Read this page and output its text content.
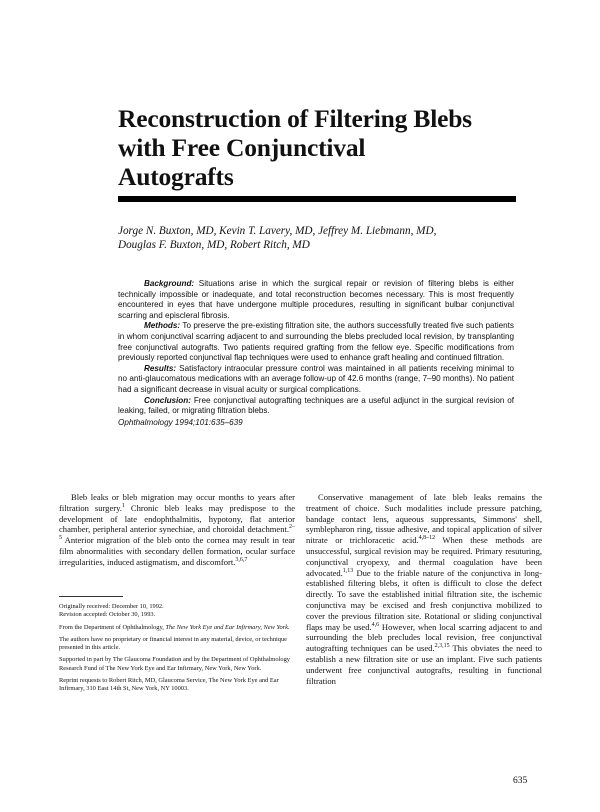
Reconstruction of Filtering Blebs
with Free Conjunctival
Autografts
Jorge N. Buxton, MD, Kevin T. Lavery, MD, Jeffrey M. Liebmann, MD,
Douglas F. Buxton, MD, Robert Ritch, MD

Background: Situations arise in which the surgical repair or revision of filtering blebs is either technically impossible or inadequate, and total reconstruction becomes necessary. This is most frequently encountered in eyes that have undergone multiple procedures, resulting in significant bulbar conjunctival scarring and episcleral fibrosis.

Methods: To preserve the pre-existing filtration site, the authors successfully treated five such patients in whom conjunctival scarring adjacent to and surrounding the blebs precluded local revision, by transplanting free conjunctival autografts. Two patients required grafting from the fellow eye. Specific modifications from previously reported conjunctival flap techniques were used to enhance graft healing and continued filtration.

Results: Satisfactory intraocular pressure control was maintained in all patients receiving minimal to no anti-glaucomatous medications with an average follow-up of 42.6 months (range, 7–90 months). No patient had a significant decrease in visual acuity or surgical complications.

Conclusion: Free conjunctival autografting techniques are a useful adjunct in the surgical revision of leaking, failed, or migrating filtration blebs.

Ophthalmology 1994;101:635–639

Bleb leaks or bleb migration may occur months to years after filtration surgery.$^1$ Chronic bleb leaks may predispose to the development of late endophthalmitis, hypotony, flat anterior chamber, peripheral anterior synechiae, and choroidal detachment.$^{2-5}$ Anterior migration of the bleb onto the cornea may result in tear film abnormalities with secondary dellen formation, ocular surface irregularities, induced astigmatism, and discomfort.$^{3,6,7}$

Originally received: December 10, 1992.
Revision accepted: October 30, 1993.

From the Department of Ophthalmology, The New York Eye and Ear Infirmary, New York.

The authors have no proprietary or financial interest in any material, device, or technique presented in this article.

Supported in part by The Glaucoma Foundation and by the Department of Ophthalmology Research Fund of The New York Eye and Ear Infirmary, New York, New York.

Reprint requests to Robert Ritch, MD, Glaucoma Service, The New York Eye and Ear Infirmary, 310 East 14th St, New York, NY 10003.

Conservative management of late bleb leaks remains the treatment of choice. Such modalities include pressure patching, bandage contact lens, aqueous suppressants, Simmons' shell, symblepharon ring, tissue adhesive, and topical application of silver nitrate or trichloracetic acid.$^{4,8-12}$ When these methods are unsuccessful, surgical revision may be required. Primary resuturing, conjunctival cryopexy, and thermal coagulation have been advocated.$^{1,13}$ Due to the friable nature of the conjunctiva in long-established filtering blebs, it often is difficult to close the defect directly. To save the established initial filtration site, the ischemic conjunctiva may be excised and fresh conjunctiva mobilized to cover the previous filtration site. Rotational or sliding conjunctival flaps may be used.$^{4,6}$ However, when local scarring adjacent to and surrounding the bleb precludes local revision, free conjunctival autografting techniques can be used.$^{2,3,15}$ This obviates the need to establish a new filtration site or use an implant. Five such patients underwent free conjunctival autografts, resulting in functional filtration

635
